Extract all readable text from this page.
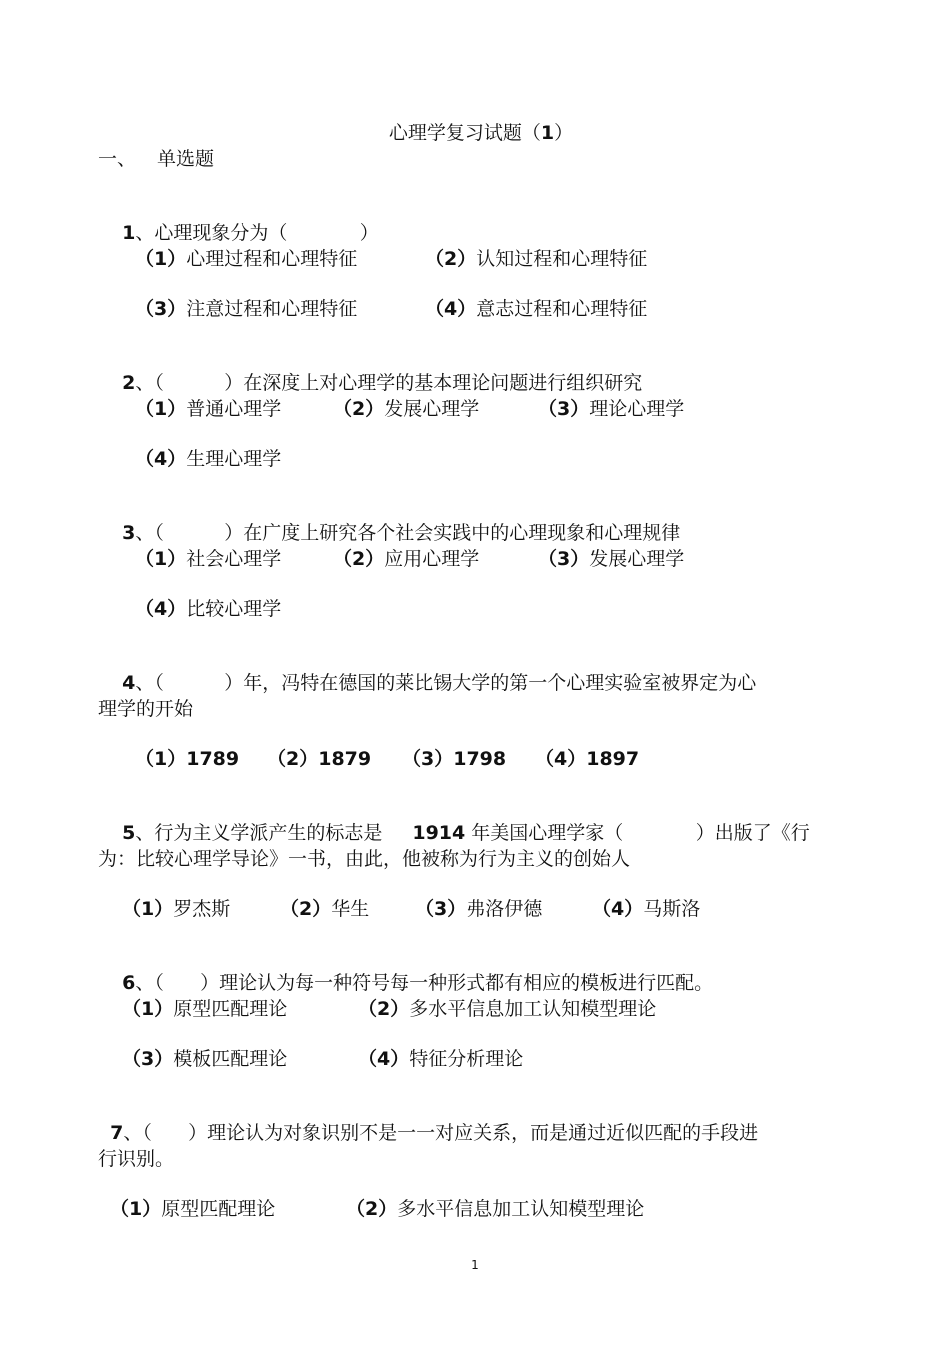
心理学复习试题（1）

一、 单选题

1、心理现象分为（            ）

（1）心理过程和心理特征	（2）认知过程和心理特征
（3）注意过程和心理特征	（4）意志过程和心理特征

2、（          ）在深度上对心理学的基本理论问题进行组织研究

（1）普通心理学	（2）发展心理学	（3）理论心理学
（4）生理心理学

3、（          ）在广度上研究各个社会实践中的心理现象和心理规律

（1）社会心理学	（2）应用心理学	（3）发展心理学
（4）比较心理学

4、（          ）年，冯特在德国的莱比锡大学的第一个心理实验室被界定为心

理学的开始
（1）1789 （2）1879 （3）1798 （4）1897

5、行为主义学派产生的标志是 1914 年美国心理学家（            ）出版了《行

为：比较心理学导论》一书，由此，他被称为行为主义的创始人
（1）罗杰斯	（2）华生 （3）弗洛伊德	（4）马斯洛

6、（      ）理论认为每一种符号每一种形式都有相应的模板进行匹配。

（1）原型匹配理论	（2）多水平信息加工认知模型理论
（3）模板匹配理论	（4）特征分析理论

7、（      ）理论认为对象识别不是一一对应关系，而是通过近似匹配的手段进

行识别。
（1）原型匹配理论	（2）多水平信息加工认知模型理论
1
